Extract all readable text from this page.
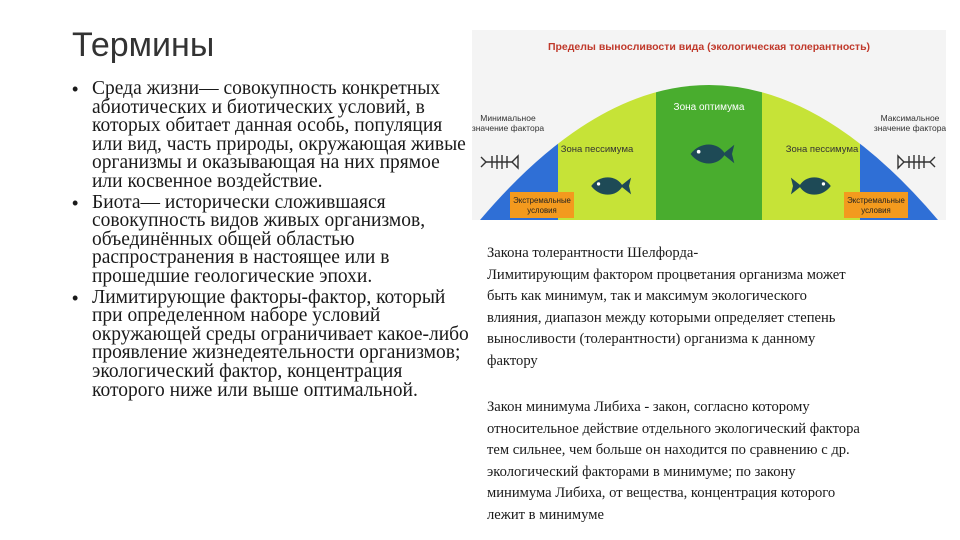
Термины
• Среда жизни— совокупность конкретных абиотических и биотических условий, в которых обитает данная особь, популяция или вид, часть природы, окружающая живые организмы и оказывающая на них прямое или косвенное воздействие.
• Биота— исторически сложившаяся совокупность видов живых организмов, объединённых общей областью распространения в настоящее или в прошедшие геологические эпохи.
• Лимитирующие факторы-фактор, который при определенном наборе условий окружающей среды ограничивает какое-либо проявление жизнедеятельности организмов; экологический фактор, концентрация которого ниже или выше оптимальной.
Пределы выносливости вида (экологическая толерантность)
Минимальное
значение фактора
Максимальное
значение фактора
Зона оптимума
Зона пессимума	Зона пессимума
Экстремальные
условия
Экстремальные
условия
Закона толерантности Шелфорда-
Лимитирующим фактором процветания организма может
быть как минимум, так и максимум экологического
влияния, диапазон между которыми определяет степень
выносливости (толерантности) организма к данному
фактору
Закон минимума Либиха - закон, согласно которому
относительное действие отдельного экологический фактора
тем сильнее, чем больше он находится по сравнению с др.
экологический факторами в минимуме; по закону
минимума Либиха, от вещества, концентрация которого
лежит в минимуме
